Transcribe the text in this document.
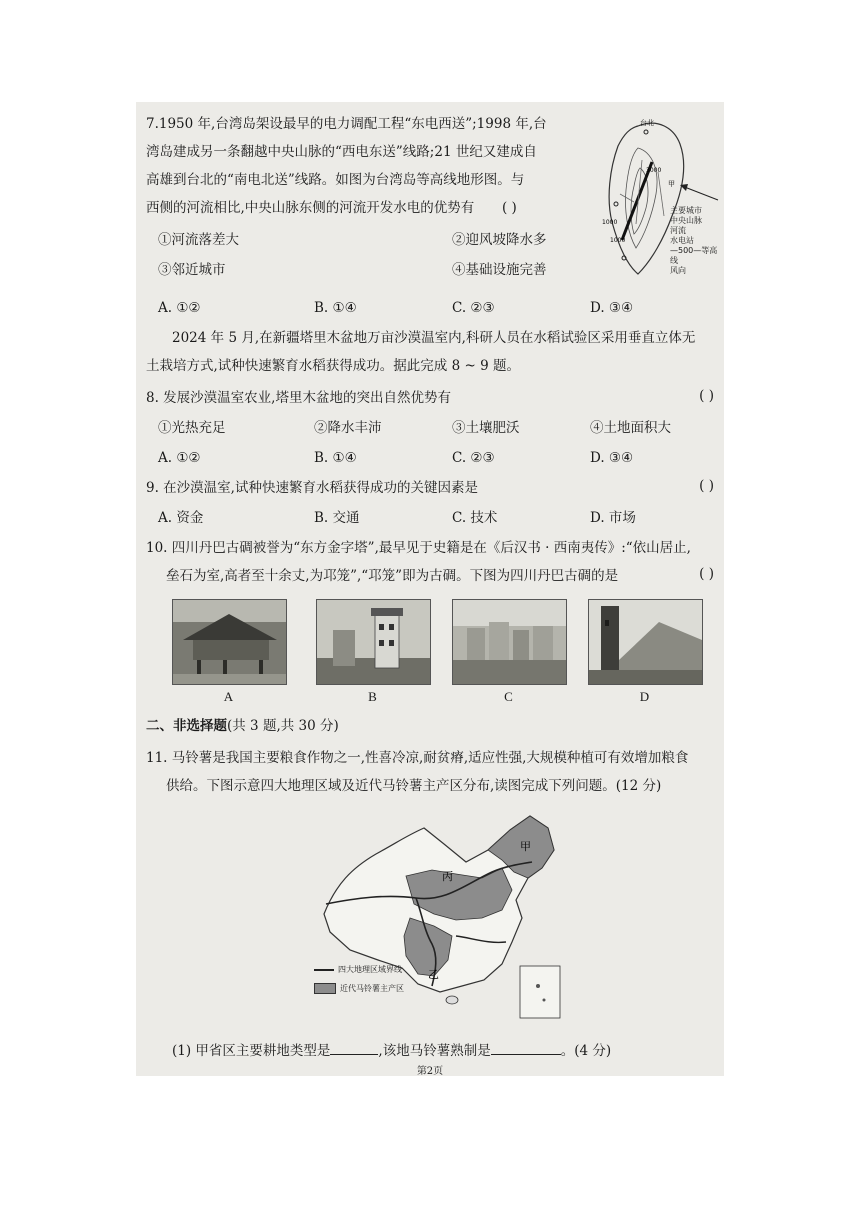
7.1950 年,台湾岛架设最早的电力调配工程“东电西送”;1998 年,台
湾岛建成另一条翻越中央山脉的“西电东送”线路;21 世纪又建成自
高雄到台北的“南电北送”线路。如图为台湾岛等高线地形图。与
西侧的河流相比,中央山脉东侧的河流开发水电的优势有 ( )
①河流落差大	②迎风坡降水多
③邻近城市	④基础设施完善
A. ①②	B. ①④	C. ②③	D. ③④
台北
甲
3000
1000
1000
主要城市
中央山脉
河流
水电站
—500—等高线
风向
2024 年 5 月,在新疆塔里木盆地万亩沙漠温室内,科研人员在水稻试验区采用垂直立体无
土栽培方式,试种快速繁育水稻获得成功。据此完成 8 ~ 9 题。
8. 发展沙漠温室农业,塔里木盆地的突出自然优势有	( )
①光热充足	②降水丰沛	③土壤肥沃	④土地面积大
A. ①②	B. ①④	C. ②③	D. ③④
9. 在沙漠温室,试种快速繁育水稻获得成功的关键因素是	( )
A. 资金	B. 交通	C. 技术	D. 市场
10. 四川丹巴古碉被誉为“东方金字塔”,最早见于史籍是在《后汉书 · 西南夷传》:“依山居止,
垒石为室,高者至十余丈,为邛笼”,“邛笼”即为古碉。下图为四川丹巴古碉的是	( )
A	B	C	D
二、非选择题(共 3 题,共 30 分)
11. 马铃薯是我国主要粮食作物之一,性喜冷凉,耐贫瘠,适应性强,大规模种植可有效增加粮食
供给。下图示意四大地理区域及近代马铃薯主产区分布,读图完成下列问题。(12 分)
甲
丙
乙
四大地理区域界线
近代马铃薯主产区
(1) 甲省区主要耕地类型是	,该地马铃薯熟制是	。(4 分)
第2页
